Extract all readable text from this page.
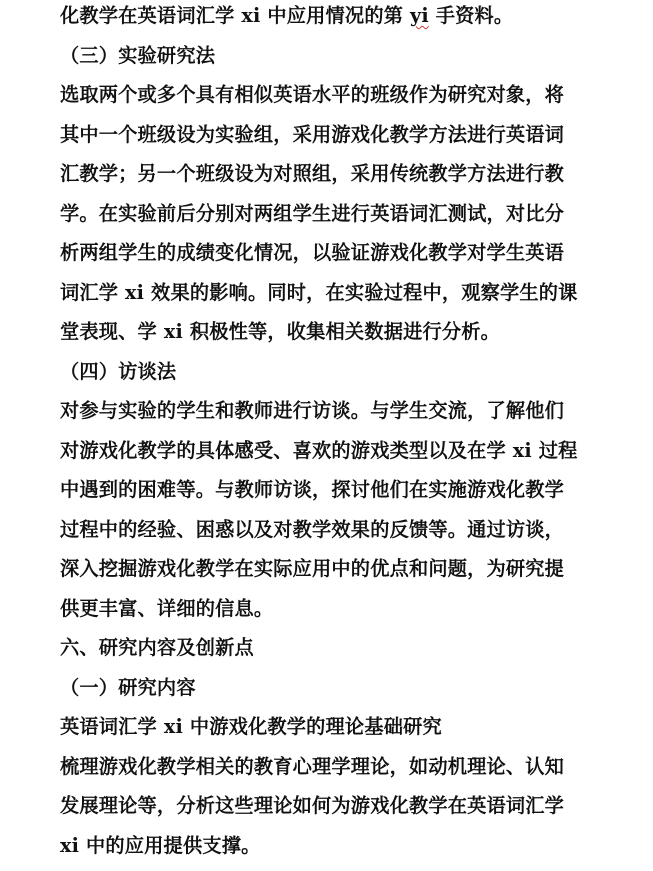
化教学在英语词汇学 xi 中应用情况的第 yi 手资料。
（三）实验研究法
选取两个或多个具有相似英语水平的班级作为研究对象，将
其中一个班级设为实验组，采用游戏化教学方法进行英语词
汇教学；另一个班级设为对照组，采用传统教学方法进行教
学。在实验前后分别对两组学生进行英语词汇测试，对比分
析两组学生的成绩变化情况，以验证游戏化教学对学生英语
词汇学 xi 效果的影响。同时，在实验过程中，观察学生的课
堂表现、学 xi 积极性等，收集相关数据进行分析。
（四）访谈法
对参与实验的学生和教师进行访谈。与学生交流，了解他们
对游戏化教学的具体感受、喜欢的游戏类型以及在学 xi 过程
中遇到的困难等。与教师访谈，探讨他们在实施游戏化教学
过程中的经验、困惑以及对教学效果的反馈等。通过访谈，
深入挖掘游戏化教学在实际应用中的优点和问题，为研究提
供更丰富、详细的信息。
六、研究内容及创新点
（一）研究内容
英语词汇学 xi 中游戏化教学的理论基础研究
梳理游戏化教学相关的教育心理学理论，如动机理论、认知
发展理论等，分析这些理论如何为游戏化教学在英语词汇学
xi 中的应用提供支撑。
